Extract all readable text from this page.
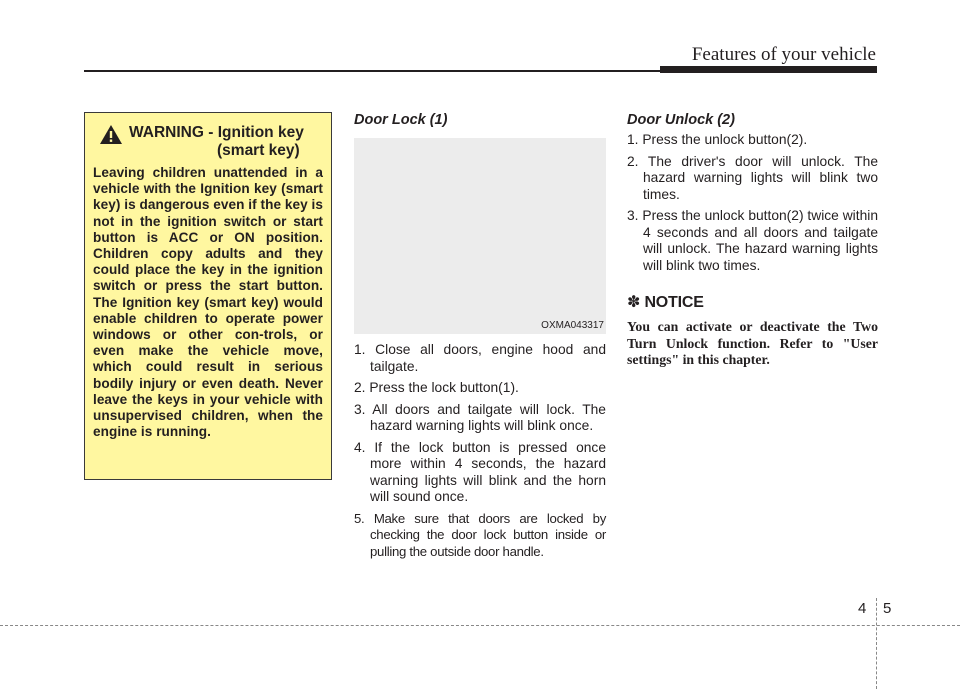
Features of your vehicle
WARNING - Ignition key
(smart key)
Leaving children unattended in a vehicle with the Ignition key (smart key) is dangerous even if the key is not in the ignition switch or start button is ACC or ON position. Children copy adults and they could place the key in the ignition switch or press the start button. The Ignition key (smart key) would enable children to operate power windows or other con-trols, or even make the vehicle move, which could result in serious bodily injury or even death. Never leave the keys in your vehicle with unsupervised children, when the engine is running.
Door Lock (1)
OXMA043317
1. Close all doors, engine hood and tailgate.
2. Press the lock button(1).
3. All doors and tailgate will lock. The hazard warning lights will blink once.
4. If the lock button is pressed once more within 4 seconds, the hazard warning lights will blink and the horn will sound once.
5. Make sure that doors are locked by checking the door lock button inside or pulling the outside door handle.
Door Unlock (2)
1. Press the unlock button(2).
2. The driver's door will unlock. The hazard warning lights will blink two times.
3. Press the unlock button(2) twice within 4 seconds and all doors and tailgate will unlock. The hazard warning lights will blink two times.
✽ NOTICE
You can activate or deactivate the Two Turn Unlock function. Refer to "User settings" in this chapter.
4 5
